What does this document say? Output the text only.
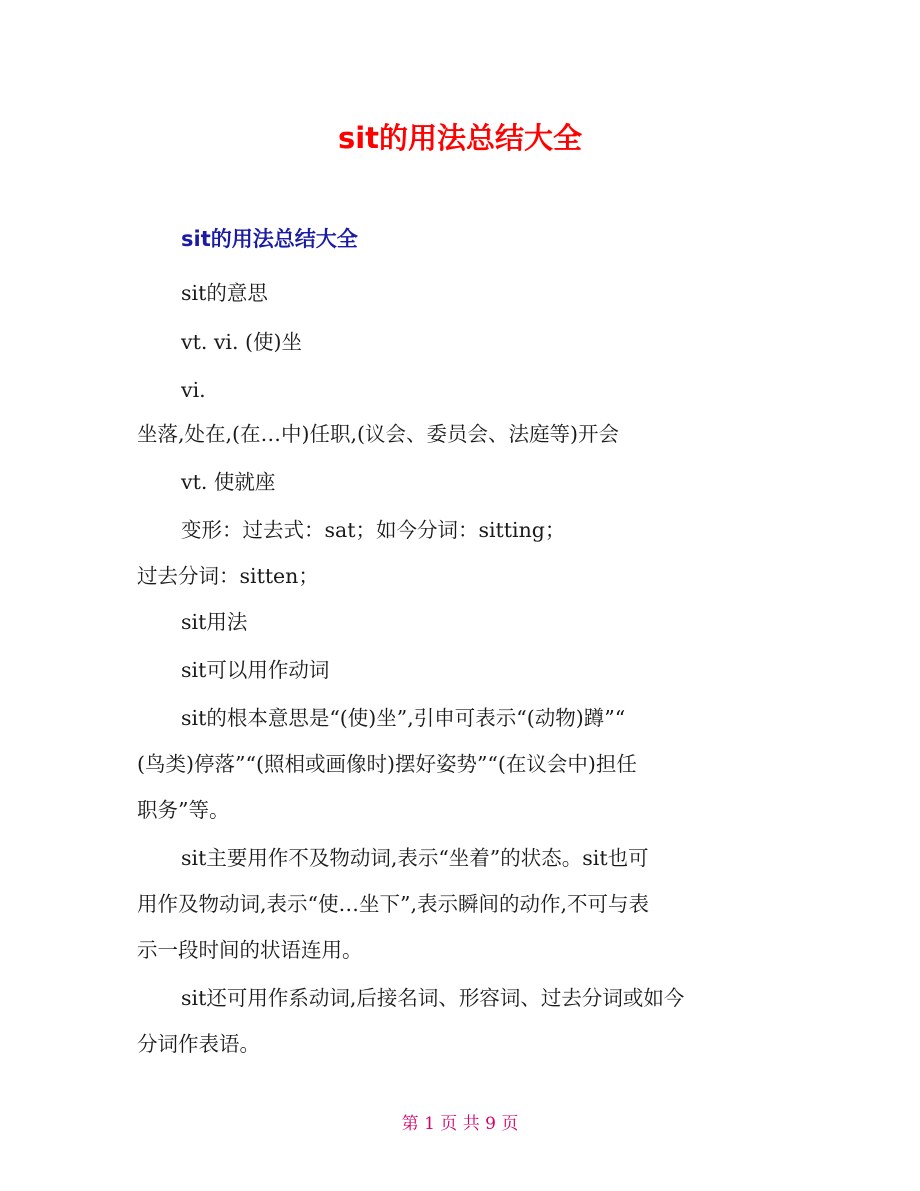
sit的用法总结大全
sit的用法总结大全

sit的意思

vt. vi. (使)坐

vi.

坐落,处在,(在…中)任职,(议会、委员会、法庭等)开会

vt. 使就座

变形：过去式：sat；如今分词：sitting；

过去分词：sitten；

sit用法

sit可以用作动词

sit的根本意思是“(使)坐”,引申可表示“(动物)蹲”“

(鸟类)停落”“(照相或画像时)摆好姿势”“(在议会中)担任

职务”等。

sit主要用作不及物动词,表示“坐着”的状态。sit也可

用作及物动词,表示“使…坐下”,表示瞬间的动作,不可与表

示一段时间的状语连用。

sit还可用作系动词,后接名词、形容词、过去分词或如今

分词作表语。

第 1 页 共 9 页
